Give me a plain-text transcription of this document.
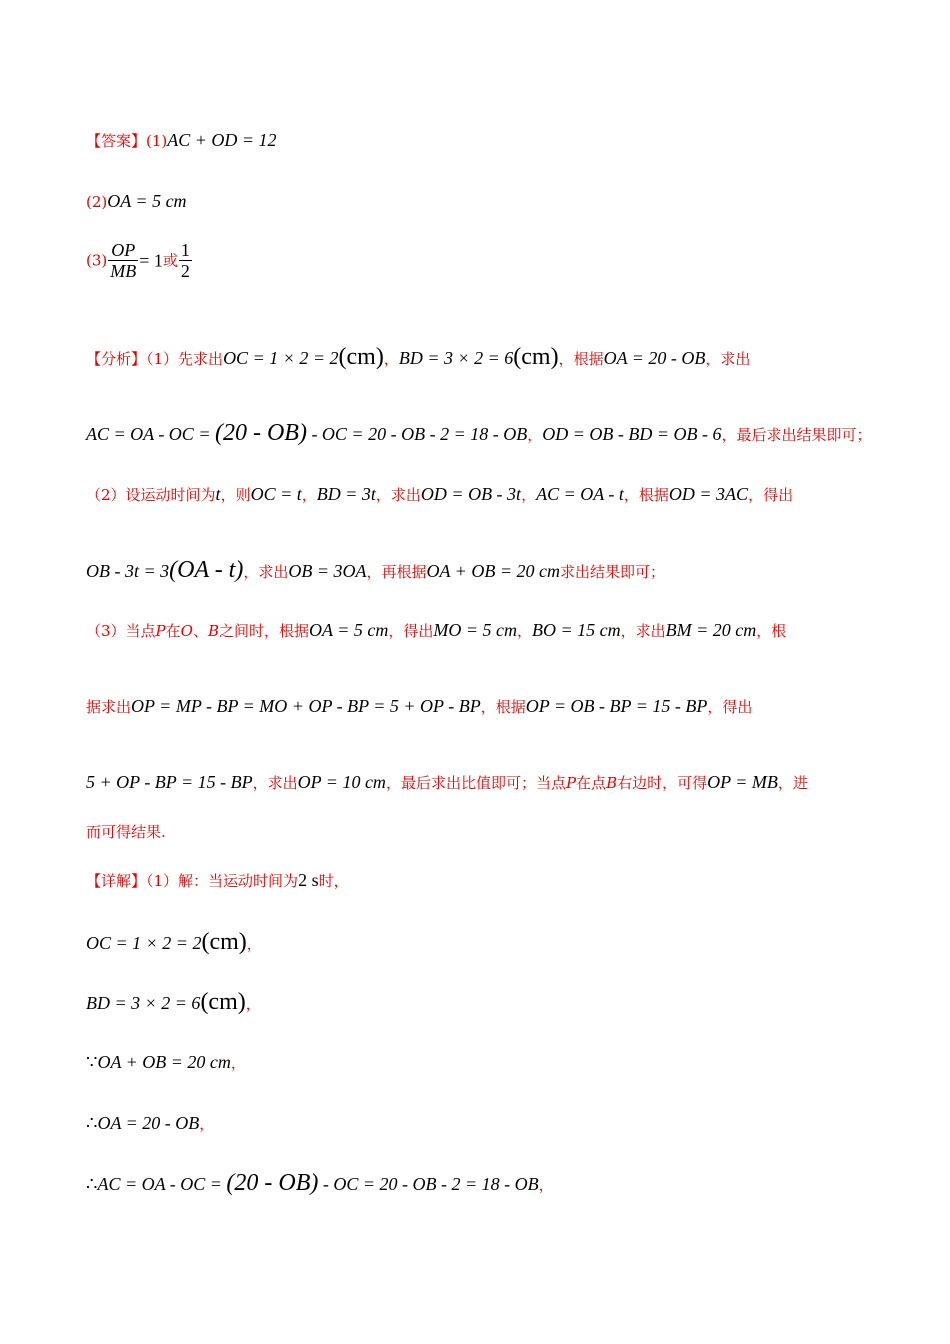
【答案】(1)AC + OD = 12
(2)OA = 5 cm
$(3) \frac{OP}{MB} = 1$或 $\frac{1}{2}$
【分析】（1）先求出OC = 1 × 2 = 2(cm)，BD = 3 × 2 = 6(cm)，根据OA = 20 - OB，求出
AC = OA - OC = (20 - OB) - OC = 20 - OB - 2 = 18 - OB，OD = OB - BD = OB - 6，最后求出结果即可；
（2）设运动时间为t，则OC = t，BD = 3t，求出OD = OB - 3t，AC = OA - t，根据OD = 3AC，得出
OB - 3t = 3(OA - t)，求出OB = 3OA，再根据OA + OB = 20 cm求出结果即可；
（3）当点P在O、B之间时，根据OA = 5 cm，得出MO = 5 cm，BO = 15 cm，求出BM = 20 cm，根
据求出OP = MP - BP = MO + OP - BP = 5 + OP - BP，根据OP = OB - BP = 15 - BP，得出
5 + OP - BP = 15 - BP，求出OP = 10 cm，最后求出比值即可；当点P在点B右边时，可得OP = MB，进
而可得结果.
【详解】（1）解：当运动时间为2 s时，
OC = 1 × 2 = 2(cm)，
BD = 3 × 2 = 6(cm)，
∵OA + OB = 20 cm，
∴OA = 20 - OB，
∴AC = OA - OC = (20 - OB) - OC = 20 - OB - 2 = 18 - OB，
